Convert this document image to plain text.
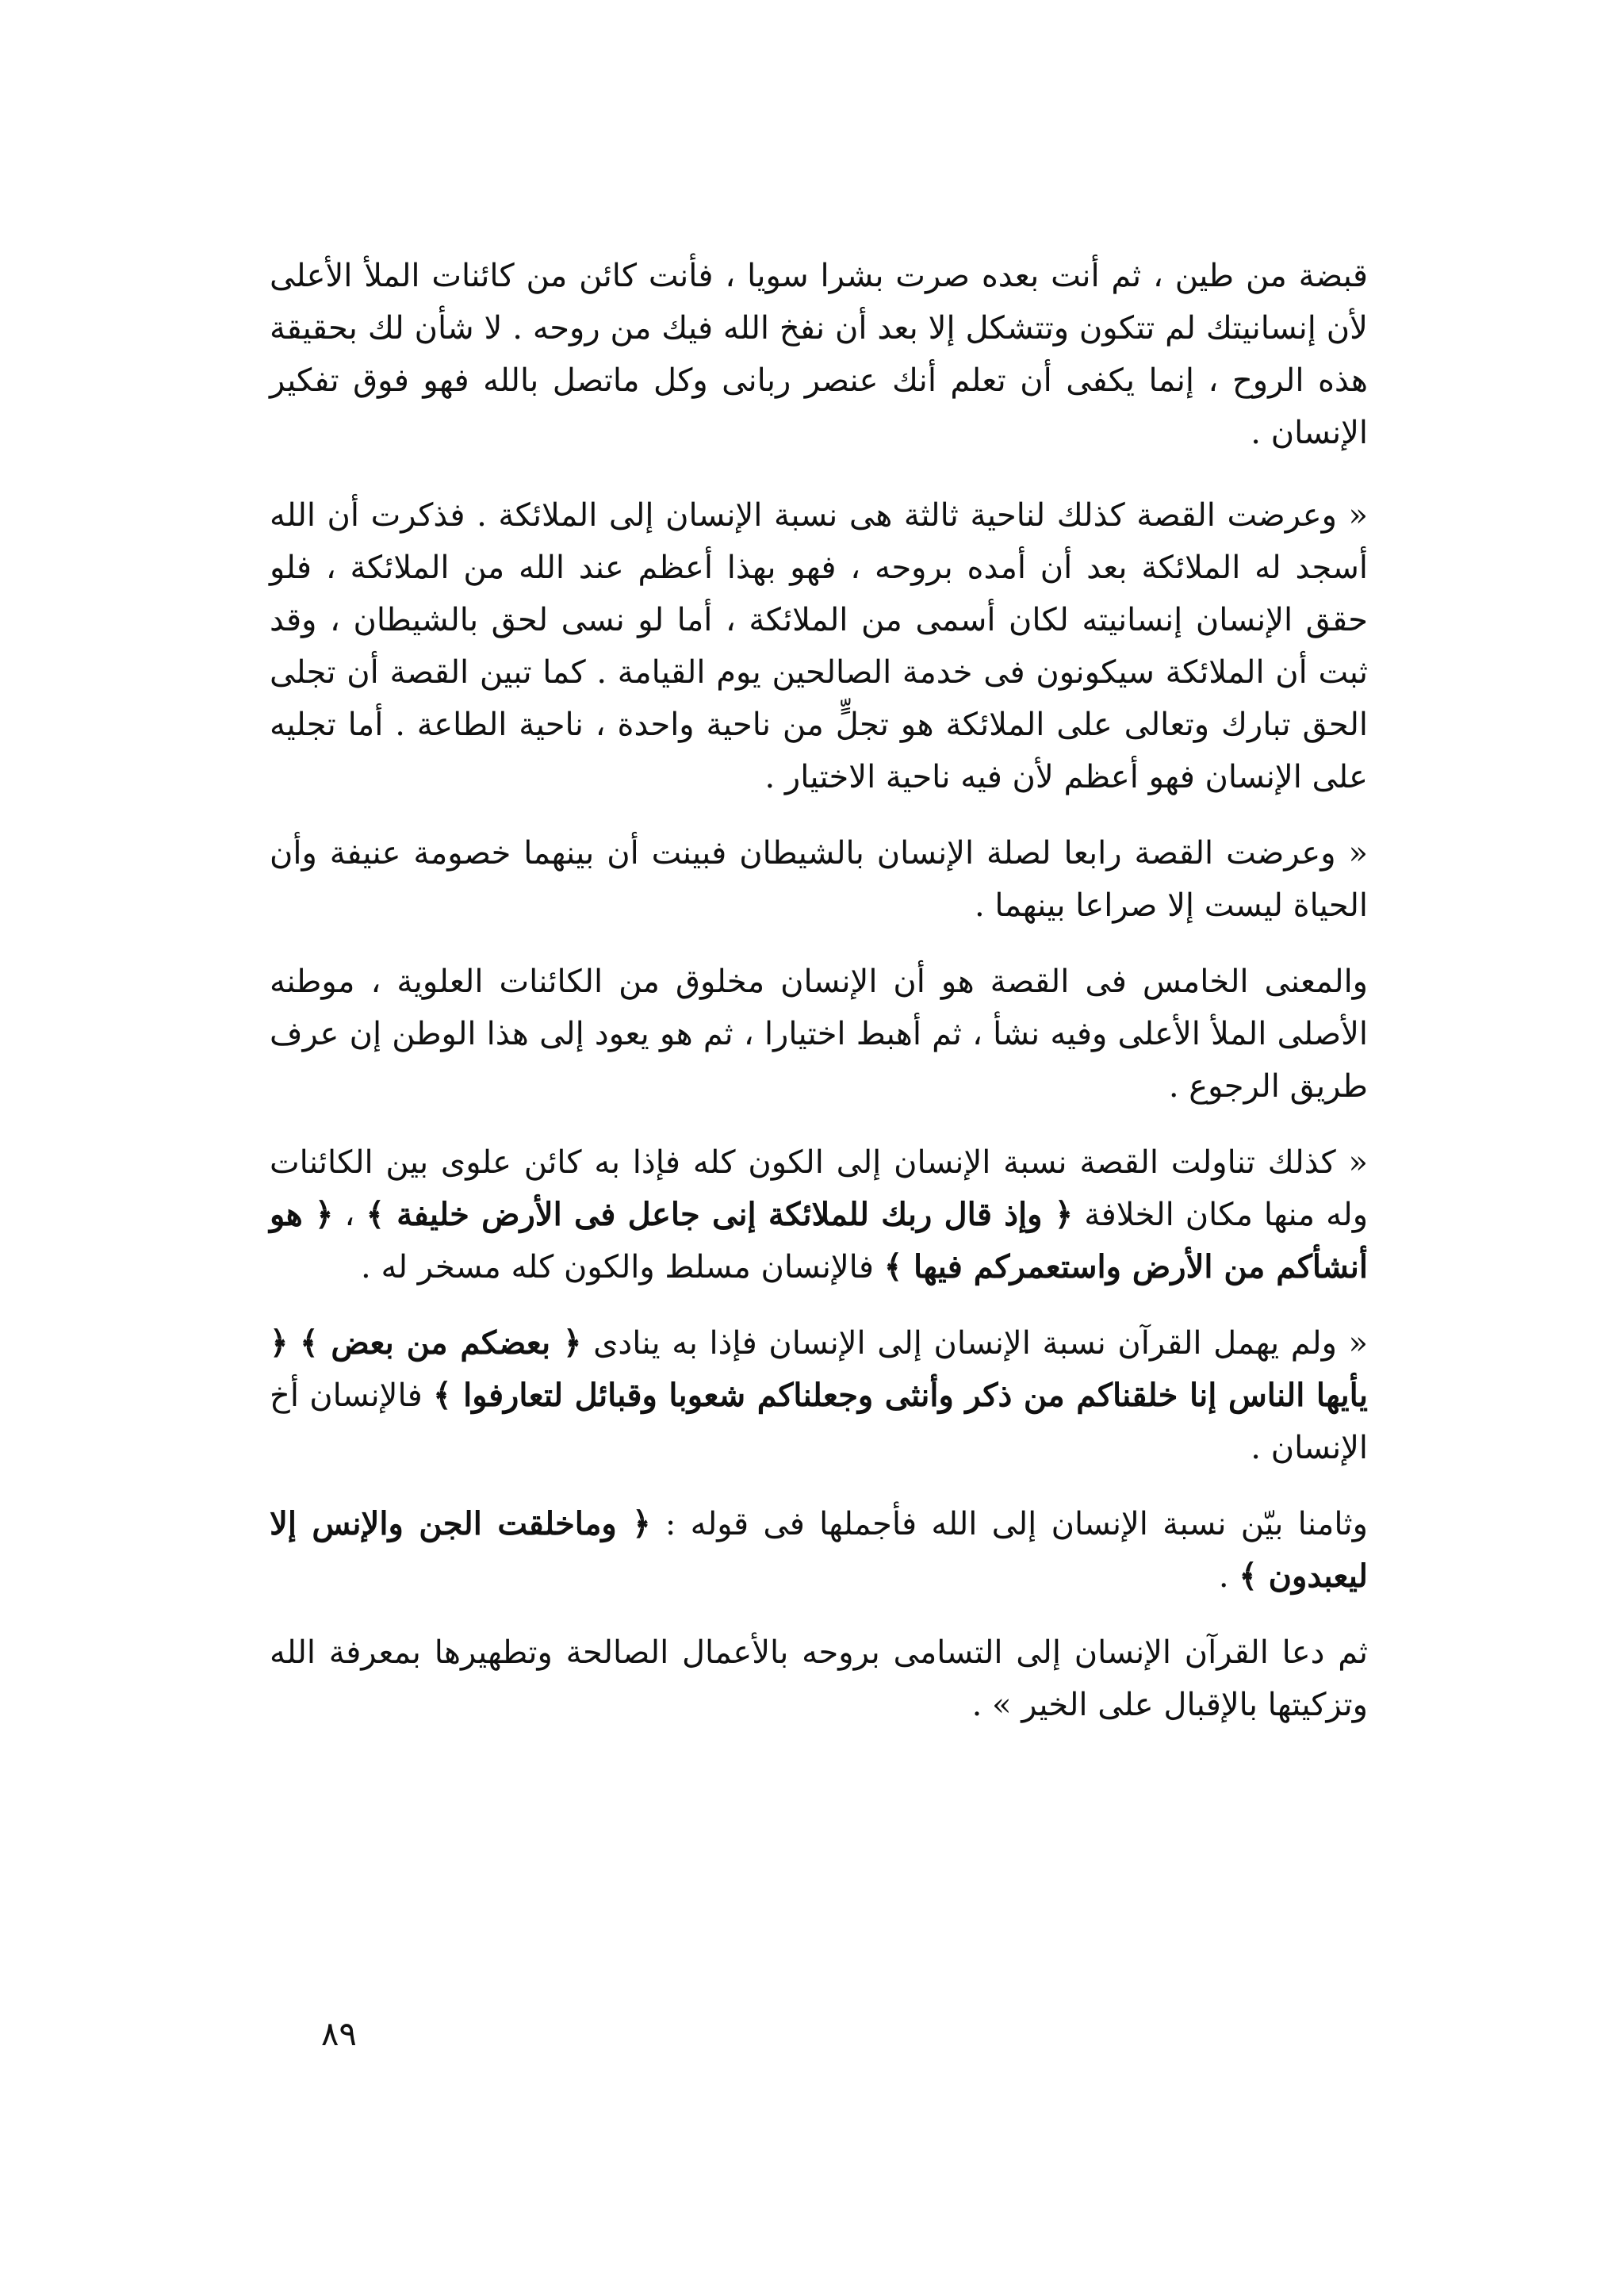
قبضة من طين ، ثم أنت بعده صرت بشرا سويا ، فأنت كائن من كائنات الملأ الأعلى لأن إنسانيتك لم تتكون وتتشكل إلا بعد أن نفخ الله فيك من روحه . لا شأن لك بحقيقة هذه الروح ، إنما يكفى أن تعلم أنك عنصر ربانى وكل ماتصل بالله فهو فوق تفكير الإنسان .

« وعرضت القصة كذلك لناحية ثالثة هى نسبة الإنسان إلى الملائكة . فذكرت أن الله أسجد له الملائكة بعد أن أمده بروحه ، فهو بهذا أعظم عند الله من الملائكة ، فلو حقق الإنسان إنسانيته لكان أسمى من الملائكة ، أما لو نسى لحق بالشيطان ، وقد ثبت أن الملائكة سيكونون فى خدمة الصالحين يوم القيامة . كما تبين القصة أن تجلى الحق تبارك وتعالى على الملائكة هو تجلٍّ من ناحية واحدة ، ناحية الطاعة . أما تجليه على الإنسان فهو أعظم لأن فيه ناحية الاختيار .

« وعرضت القصة رابعا لصلة الإنسان بالشيطان فبينت أن بينهما خصومة عنيفة وأن الحياة ليست إلا صراعا بينهما .

والمعنى الخامس فى القصة هو أن الإنسان مخلوق من الكائنات العلوية ، موطنه الأصلى الملأ الأعلى وفيه نشأ ، ثم أهبط اختيارا ، ثم هو يعود إلى هذا الوطن إن عرف طريق الرجوع .

« كذلك تناولت القصة نسبة الإنسان إلى الكون كله فإذا به كائن علوى بين الكائنات وله منها مكان الخلافة ﴿ وإذ قال ربك للملائكة إنى جاعل فى الأرض خليفة ﴾ ، ﴿ هو أنشأكم من الأرض واستعمركم فيها ﴾ فالإنسان مسلط والكون كله مسخر له .

« ولم يهمل القرآن نسبة الإنسان إلى الإنسان فإذا به ينادى ﴿ بعضكم من بعض ﴾ ﴿ يأيها الناس إنا خلقناكم من ذكر وأنثى وجعلناكم شعوبا وقبائل لتعارفوا ﴾ فالإنسان أخ الإنسان .

وثامنا بيّن نسبة الإنسان إلى الله فأجملها فى قوله : ﴿ وماخلقت الجن والإنس إلا ليعبدون ﴾ .

ثم دعا القرآن الإنسان إلى التسامى بروحه بالأعمال الصالحة وتطهيرها بمعرفة الله وتزكيتها بالإقبال على الخير » .

٨٩
